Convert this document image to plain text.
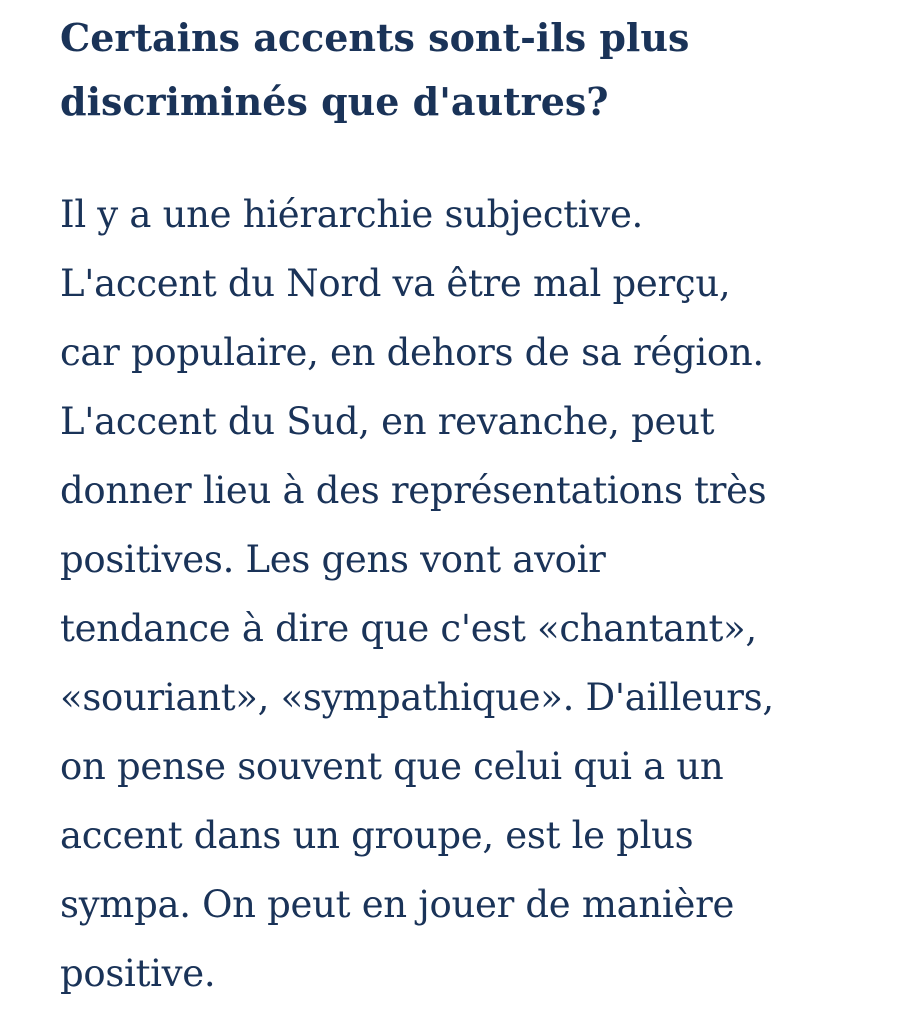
Certains accents sont-ils plus
discriminés que d'autres?

Il y a une hiérarchie subjective.
L'accent du Nord va être mal perçu,
car populaire, en dehors de sa région.
L'accent du Sud, en revanche, peut
donner lieu à des représentations très
positives. Les gens vont avoir
tendance à dire que c'est «chantant»,
«souriant», «sympathique». D'ailleurs,
on pense souvent que celui qui a un
accent dans un groupe, est le plus
sympa. On peut en jouer de manière
positive.
